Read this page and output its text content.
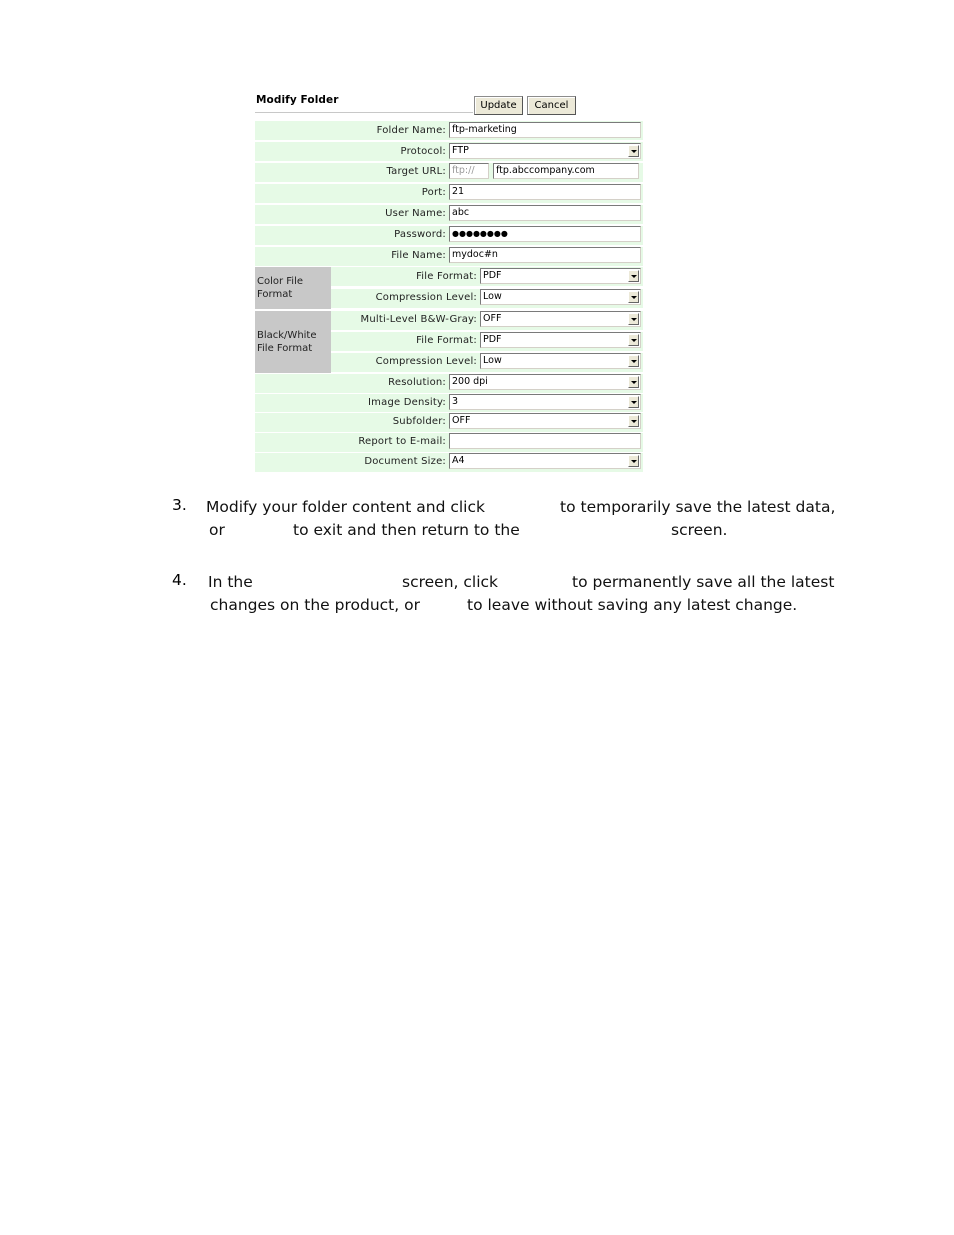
Modify Folder	Update	Cancel
Folder Name: ftp-marketing
Protocol: FTP
Target URL: ftp://	ftp.abccompany.com
Port: 21
User Name: abc
Password: ●●●●●●●●
File Name: mydoc#n
Color File Format
File Format: PDF
Compression Level: Low
Black/White File Format
Multi-Level B&W-Gray: OFF
File Format: PDF
Compression Level: Low
Resolution: 200 dpi
Image Density: 3
Subfolder: OFF
Report to E-mail:
Document Size: A4
3. Modify your folder content and click	to temporarily save the latest data,
or	to exit and then return to the	screen.
4. In the	screen, click	to permanently save all the latest
changes on the product, or	to leave without saving any latest change.
